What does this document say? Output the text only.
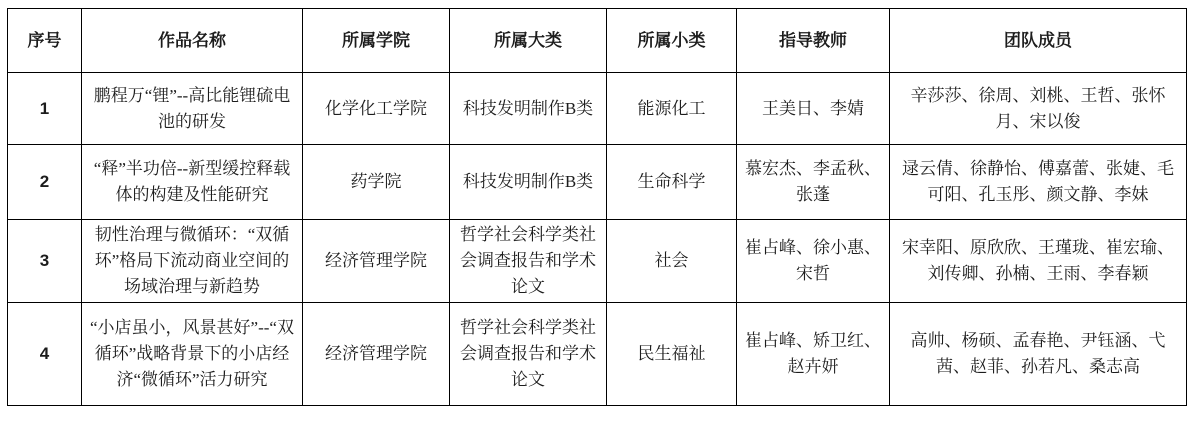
序号	作品名称	所属学院	所属大类	所属小类	指导教师	团队成员
1	鹏程万“锂”--高比能锂硫电池的研发	化学化工学院	科技发明制作B类	能源化工	王美日、李婧	辛莎莎、徐周、刘桃、王哲、张怀月、宋以俊
2	“释”半功倍--新型缓控释载体的构建及性能研究	药学院	科技发明制作B类	生命科学	慕宏杰、李孟秋、张蓬	逯云倩、徐静怡、傅嘉蕾、张婕、毛可阳、孔玉彤、颜文静、李妹
3	韧性治理与微循环：“双循环”格局下流动商业空间的场域治理与新趋势	经济管理学院	哲学社会科学类社会调查报告和学术论文	社会	崔占峰、徐小惠、宋哲	宋幸阳、原欣欣、王瑾珑、崔宏瑜、刘传卿、孙楠、王雨、李春颖
4	“小店虽小，风景甚好”--“双循环”战略背景下的小店经济“微循环”活力研究	经济管理学院	哲学社会科学类社会调查报告和学术论文	民生福祉	崔占峰、矫卫红、赵卉妍	高帅、杨硕、孟春艳、尹钰涵、弋茜、赵菲、孙若凡、桑志高
